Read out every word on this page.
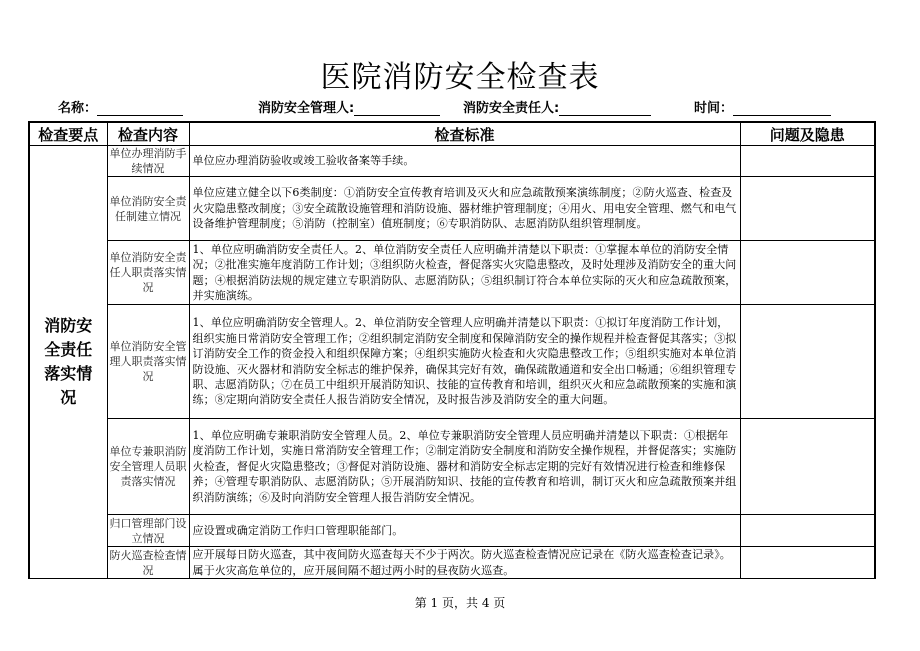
医院消防安全检查表
名称：	消防安全管理人:	消防安全责任人:	时间：
检查要点	检查内容	检查标准	问题及隐患
消防安全责任落实情况	单位办理消防手续情况	单位应办理消防验收或竣工验收备案等手续。	
	单位消防安全责任制建立情况	单位应建立健全以下6类制度：①消防安全宣传教育培训及灭火和应急疏散预案演练制度；②防火巡查、检查及火灾隐患整改制度；③安全疏散设施管理和消防设施、器材维护管理制度；④用火、用电安全管理、燃气和电气设备维护管理制度；⑤消防（控制室）值班制度；⑥专职消防队、志愿消防队组织管理制度。	
	单位消防安全责任人职责落实情况	1、单位应明确消防安全责任人。2、单位消防安全责任人应明确并清楚以下职责：①掌握本单位的消防安全情况；②批准实施年度消防工作计划；③组织防火检查，督促落实火灾隐患整改，及时处理涉及消防安全的重大问题；④根据消防法规的规定建立专职消防队、志愿消防队；⑤组织制订符合本单位实际的灭火和应急疏散预案，并实施演练。	
	单位消防安全管理人职责落实情况	1、单位应明确消防安全管理人。2、单位消防安全管理人应明确并清楚以下职责：①拟订年度消防工作计划，组织实施日常消防安全管理工作；②组织制定消防安全制度和保障消防安全的操作规程并检查督促其落实；③拟订消防安全工作的资金投入和组织保障方案；④组织实施防火检查和火灾隐患整改工作；⑤组织实施对本单位消防设施、灭火器材和消防安全标志的维护保养，确保其完好有效，确保疏散通道和安全出口畅通；⑥组织管理专职、志愿消防队；⑦在员工中组织开展消防知识、技能的宣传教育和培训，组织灭火和应急疏散预案的实施和演练；⑧定期向消防安全责任人报告消防安全情况，及时报告涉及消防安全的重大问题。	
	单位专兼职消防安全管理人员职责落实情况	1、单位应明确专兼职消防安全管理人员。2、单位专兼职消防安全管理人员应明确并清楚以下职责：①根据年度消防工作计划，实施日常消防安全管理工作；②制定消防安全制度和消防安全操作规程，并督促落实；实施防火检查，督促火灾隐患整改；③督促对消防设施、器材和消防安全标志定期的完好有效情况进行检查和维修保养；④管理专职消防队、志愿消防队；⑤开展消防知识、技能的宣传教育和培训，制订灭火和应急疏散预案并组织消防演练；⑥及时向消防安全管理人报告消防安全情况。	
	归口管理部门设立情况	应设置或确定消防工作归口管理职能部门。	
	防火巡查检查情况	应开展每日防火巡查，其中夜间防火巡查每天不少于两次。防火巡查检查情况应记录在《防火巡查检查记录》。属于火灾高危单位的，应开展间隔不超过两小时的昼夜防火巡查。	
第 1 页，共 4 页
